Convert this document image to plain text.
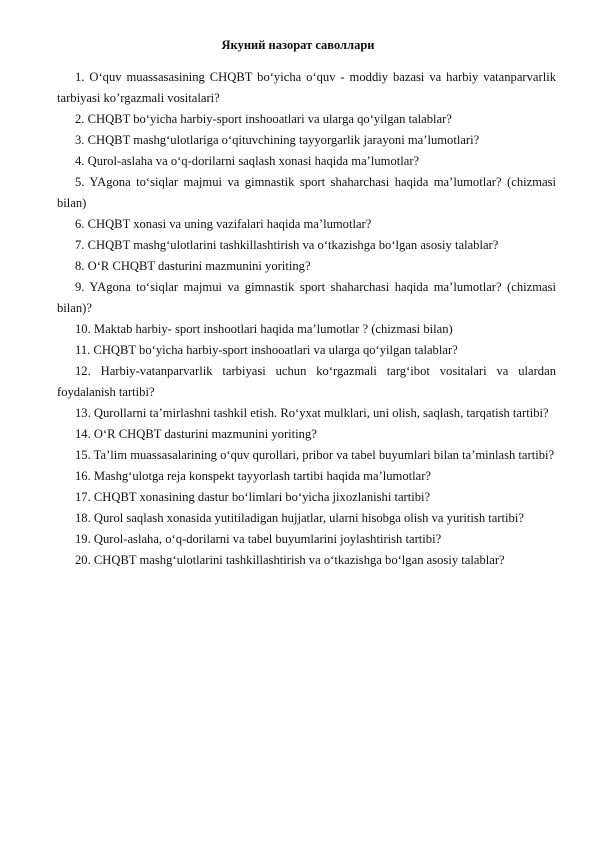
Якуний назорат саволлари

1. O‘quv muassasasining CHQBT bo‘yicha o‘quv - moddiy bazasi va harbiy vatanparvarlik tarbiyasi ko’rgazmali vositalari?

2. CHQBT bo‘yicha harbiy-sport inshooatlari va ularga qo‘yilgan talablar?

3. CHQBT mashg‘ulotlariga o‘qituvchining tayyorgarlik jarayoni ma’lumotlari?

4. Qurol-aslaha va o‘q-dorilarni saqlash xonasi haqida ma’lumotlar?

5. YAgona to‘siqlar majmui va gimnastik sport shaharchasi haqida ma’lumotlar? (chizmasi bilan)

6. CHQBT xonasi va uning vazifalari haqida ma’lumotlar?

7. CHQBT mashg‘ulotlarini tashkillashtirish va o‘tkazishga bo‘lgan asosiy talablar?

8. O‘R CHQBT dasturini mazmunini yoriting?

9. YAgona to‘siqlar majmui va gimnastik sport shaharchasi haqida ma’lumotlar? (chizmasi bilan)?

10. Maktab harbiy- sport inshootlari haqida ma’lumotlar ? (chizmasi bilan)

11. CHQBT bo‘yicha harbiy-sport inshooatlari va ularga qo‘yilgan talablar?

12. Harbiy-vatanparvarlik tarbiyasi uchun ko‘rgazmali targ‘ibot vositalari va ulardan foydalanish tartibi?

13. Qurollarni ta’mirlashni tashkil etish. Ro‘yxat mulklari, uni olish, saqlash, tarqatish tartibi?

14. O‘R CHQBT dasturini mazmunini yoriting?

15. Ta’lim muassasalarining o‘quv qurollari, pribor va tabel buyumlari bilan ta’minlash tartibi?

16. Mashg‘ulotga reja konspekt tayyorlash tartibi haqida ma’lumotlar?

17. CHQBT xonasining dastur bo‘limlari bo‘yicha jixozlanishi tartibi?

18. Qurol saqlash xonasida yutitiladigan hujjatlar, ularni hisobga olish va yuritish tartibi?

19. Qurol-aslaha, o‘q-dorilarni va tabel buyumlarini joylashtirish tartibi?

20. CHQBT mashg‘ulotlarini tashkillashtirish va o‘tkazishga bo‘lgan asosiy talablar?
